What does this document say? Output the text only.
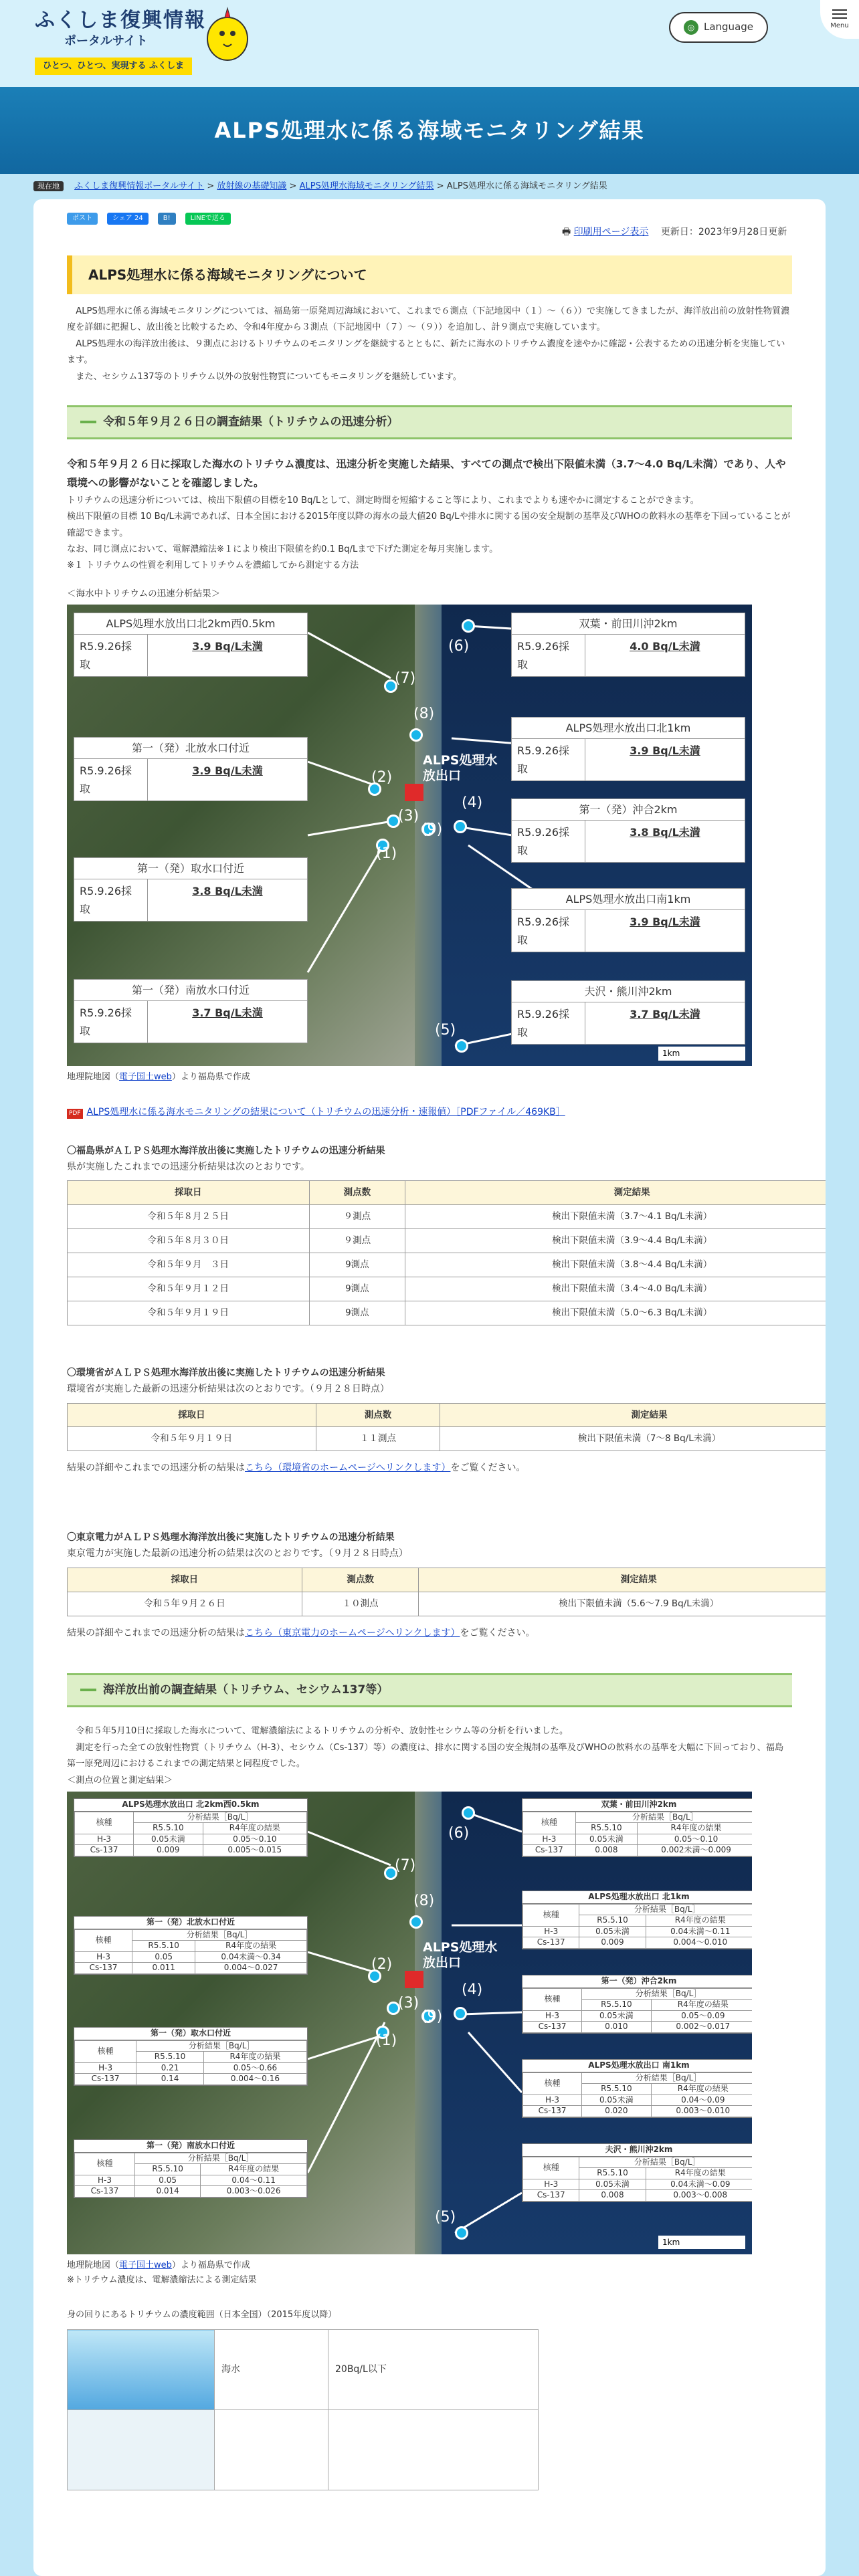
ふくしま復興情報
ポータルサイト
ひとつ、ひとつ、実現する ふくしま
◎ Language	Menu
ALPS処理水に係る海域モニタリング結果
現在地 ふくしま復興情報ポータルサイト > 放射線の基礎知識 > ALPS処理水海域モニタリング結果 > ALPS処理水に係る海域モニタリング結果
ポスト	シェア 24	B!	LINEで送る
🖶 印刷用ページ表示 更新日：2023年9月28日更新
ALPS処理水に係る海域モニタリングについて

ALPS処理水に係る海域モニタリングについては、福島第一原発周辺海域において、これまで６測点（下記地図中（１）～（６））で実施してきましたが、海洋放出前の放射性物質濃度を詳細に把握し、放出後と比較するため、令和4年度から３測点（下記地図中（７）～（９））を追加し、計９測点で実施しています。

ALPS処理水の海洋放出後は、９測点におけるトリチウムのモニタリングを継続するとともに、新たに海水のトリチウム濃度を速やかに確認・公表するための迅速分析を実施しています。

また、セシウム137等のトリチウム以外の放射性物質についてもモニタリングを継続しています。

令和５年９月２６日の調査結果（トリチウムの迅速分析）

令和５年９月２６日に採取した海水のトリチウム濃度は、迅速分析を実施した結果、すべての測点で検出下限値未満（3.7～4.0 Bq/L未満）であり、人や環境への影響がないことを確認しました。

トリチウムの迅速分析については、検出下限値の目標を10 Bq/Lとして、測定時間を短縮すること等により、これまでよりも速やかに測定することができます。

検出下限値の目標 10 Bq/L未満であれば、日本全国における2015年度以降の海水の最大値20 Bq/Lや排水に関する国の安全規制の基準及びWHOの飲料水の基準を下回っていることが確認できます。

なお、同じ測点において、電解濃縮法※１により検出下限値を約0.1 Bq/Lまで下げた測定を毎月実施します。

※１ トリチウムの性質を利用してトリチウムを濃縮してから測定する方法

＜海水中トリチウムの迅速分析結果＞

ALPS処理水
放出口
(7)
(8)
(2)
(3)
(9)
(1)
(6)
(4)
(5)
ALPS処理水放出口北2km西0.5km
R5.9.26採取
3.9 Bq/L未満
第一（発）北放水口付近
R5.9.26採取
3.9 Bq/L未満
第一（発）取水口付近
R5.9.26採取
3.8 Bq/L未満
第一（発）南放水口付近
R5.9.26採取
3.7 Bq/L未満
双葉・前田川沖2km
R5.9.26採取
4.0 Bq/L未満
ALPS処理水放出口北1km
R5.9.26採取
3.9 Bq/L未満
第一（発）沖合2km
R5.9.26採取
3.8 Bq/L未満
ALPS処理水放出口南1km
R5.9.26採取
3.9 Bq/L未満
夫沢・熊川沖2km
R5.9.26採取
3.7 Bq/L未満
1km

地理院地図（電子国土web）より福島県で作成

PDF ALPS処理水に係る海水モニタリングの結果について（トリチウムの迅速分析・速報値）［PDFファイル／469KB］

〇福島県がＡＬＰＳ処理水海洋放出後に実施したトリチウムの迅速分析結果

県が実施したこれまでの迅速分析結果は次のとおりです。

採取日	測点数	測定結果
令和５年８月２５日	９測点	検出下限値未満（3.7～4.1 Bq/L未満）
令和５年８月３０日	９測点	検出下限値未満（3.9～4.4 Bq/L未満）
令和５年９月　３日	9測点	検出下限値未満（3.8～4.4 Bq/L未満）
令和５年９月１２日	9測点	検出下限値未満（3.4～4.0 Bq/L未満）
令和５年９月１９日	9測点	検出下限値未満（5.0～6.3 Bq/L未満）

〇環境省がＡＬＰＳ処理水海洋放出後に実施したトリチウムの迅速分析結果

環境省が実施した最新の迅速分析結果は次のとおりです。（９月２８日時点）

採取日	測点数	測定結果
令和５年９月１９日	１１測点	検出下限値未満（7～8 Bq/L未満）

結果の詳細やこれまでの迅速分析の結果はこちら（環境省のホームページへリンクします）をご覧ください。

〇東京電力がＡＬＰＳ処理水海洋放出後に実施したトリチウムの迅速分析結果

東京電力が実施した最新の迅速分析の結果は次のとおりです。（９月２８日時点）

採取日	測点数	測定結果
令和５年９月２６日	１０測点	検出下限値未満（5.6～7.9 Bq/L未満）

結果の詳細やこれまでの迅速分析の結果はこちら（東京電力のホームページへリンクします）をご覧ください。

海洋放出前の調査結果（トリチウム、セシウム137等）

令和５年5月10日に採取した海水について、電解濃縮法によるトリチウムの分析や、放射性セシウム等の分析を行いました。

測定を行った全ての放射性物質（トリチウム（H-3）、セシウム（Cs-137）等）の濃度は、排水に関する国の安全規制の基準及びWHOの飲料水の基準を大幅に下回っており、福島第一原発周辺におけるこれまでの測定結果と同程度でした。

＜測点の位置と測定結果＞

ALPS処理水
放出口
(7)
(8)
(2)
(3)
(9)
(1)
(6)
(4)
(5)
ALPS処理水放出口 北2km西0.5km
核種	分析結果［Bq/L］	
	R5.5.10	R4年度の結果
H-3	0.05未満	0.05～0.10
Cs-137	0.009	0.005～0.015
第一（発）北放水口付近
核種	分析結果［Bq/L］	
	R5.5.10	R4年度の結果
H-3	0.05	0.04未満～0.34
Cs-137	0.011	0.004～0.027
第一（発）取水口付近
核種	分析結果［Bq/L］	
	R5.5.10	R4年度の結果
H-3	0.21	0.05～0.66
Cs-137	0.14	0.004～0.16
第一（発）南放水口付近
核種	分析結果［Bq/L］	
	R5.5.10	R4年度の結果
H-3	0.05	0.04～0.11
Cs-137	0.014	0.003～0.026
双葉・前田川沖2km
核種	分析結果［Bq/L］	
	R5.5.10	R4年度の結果
H-3	0.05未満	0.05～0.10
Cs-137	0.008	0.002未満～0.009
ALPS処理水放出口 北1km
核種	分析結果［Bq/L］	
	R5.5.10	R4年度の結果
H-3	0.05未満	0.04未満～0.11
Cs-137	0.009	0.004～0.010
第一（発）沖合2km
核種	分析結果［Bq/L］	
	R5.5.10	R4年度の結果
H-3	0.05未満	0.05～0.09
Cs-137	0.010	0.002～0.017
ALPS処理水放出口 南1km
核種	分析結果［Bq/L］	
	R5.5.10	R4年度の結果
H-3	0.05未満	0.04～0.09
Cs-137	0.020	0.003～0.010
夫沢・熊川沖2km
核種	分析結果［Bq/L］	
	R5.5.10	R4年度の結果
H-3	0.05未満	0.04未満～0.09
Cs-137	0.008	0.003～0.008
1km

地理院地図（電子国土web）より福島県で作成

※トリチウム濃度は、電解濃縮法による測定結果

身の回りにあるトリチウムの濃度範囲（日本全国）（2015年度以降）

	海水	20Bq/L以下
